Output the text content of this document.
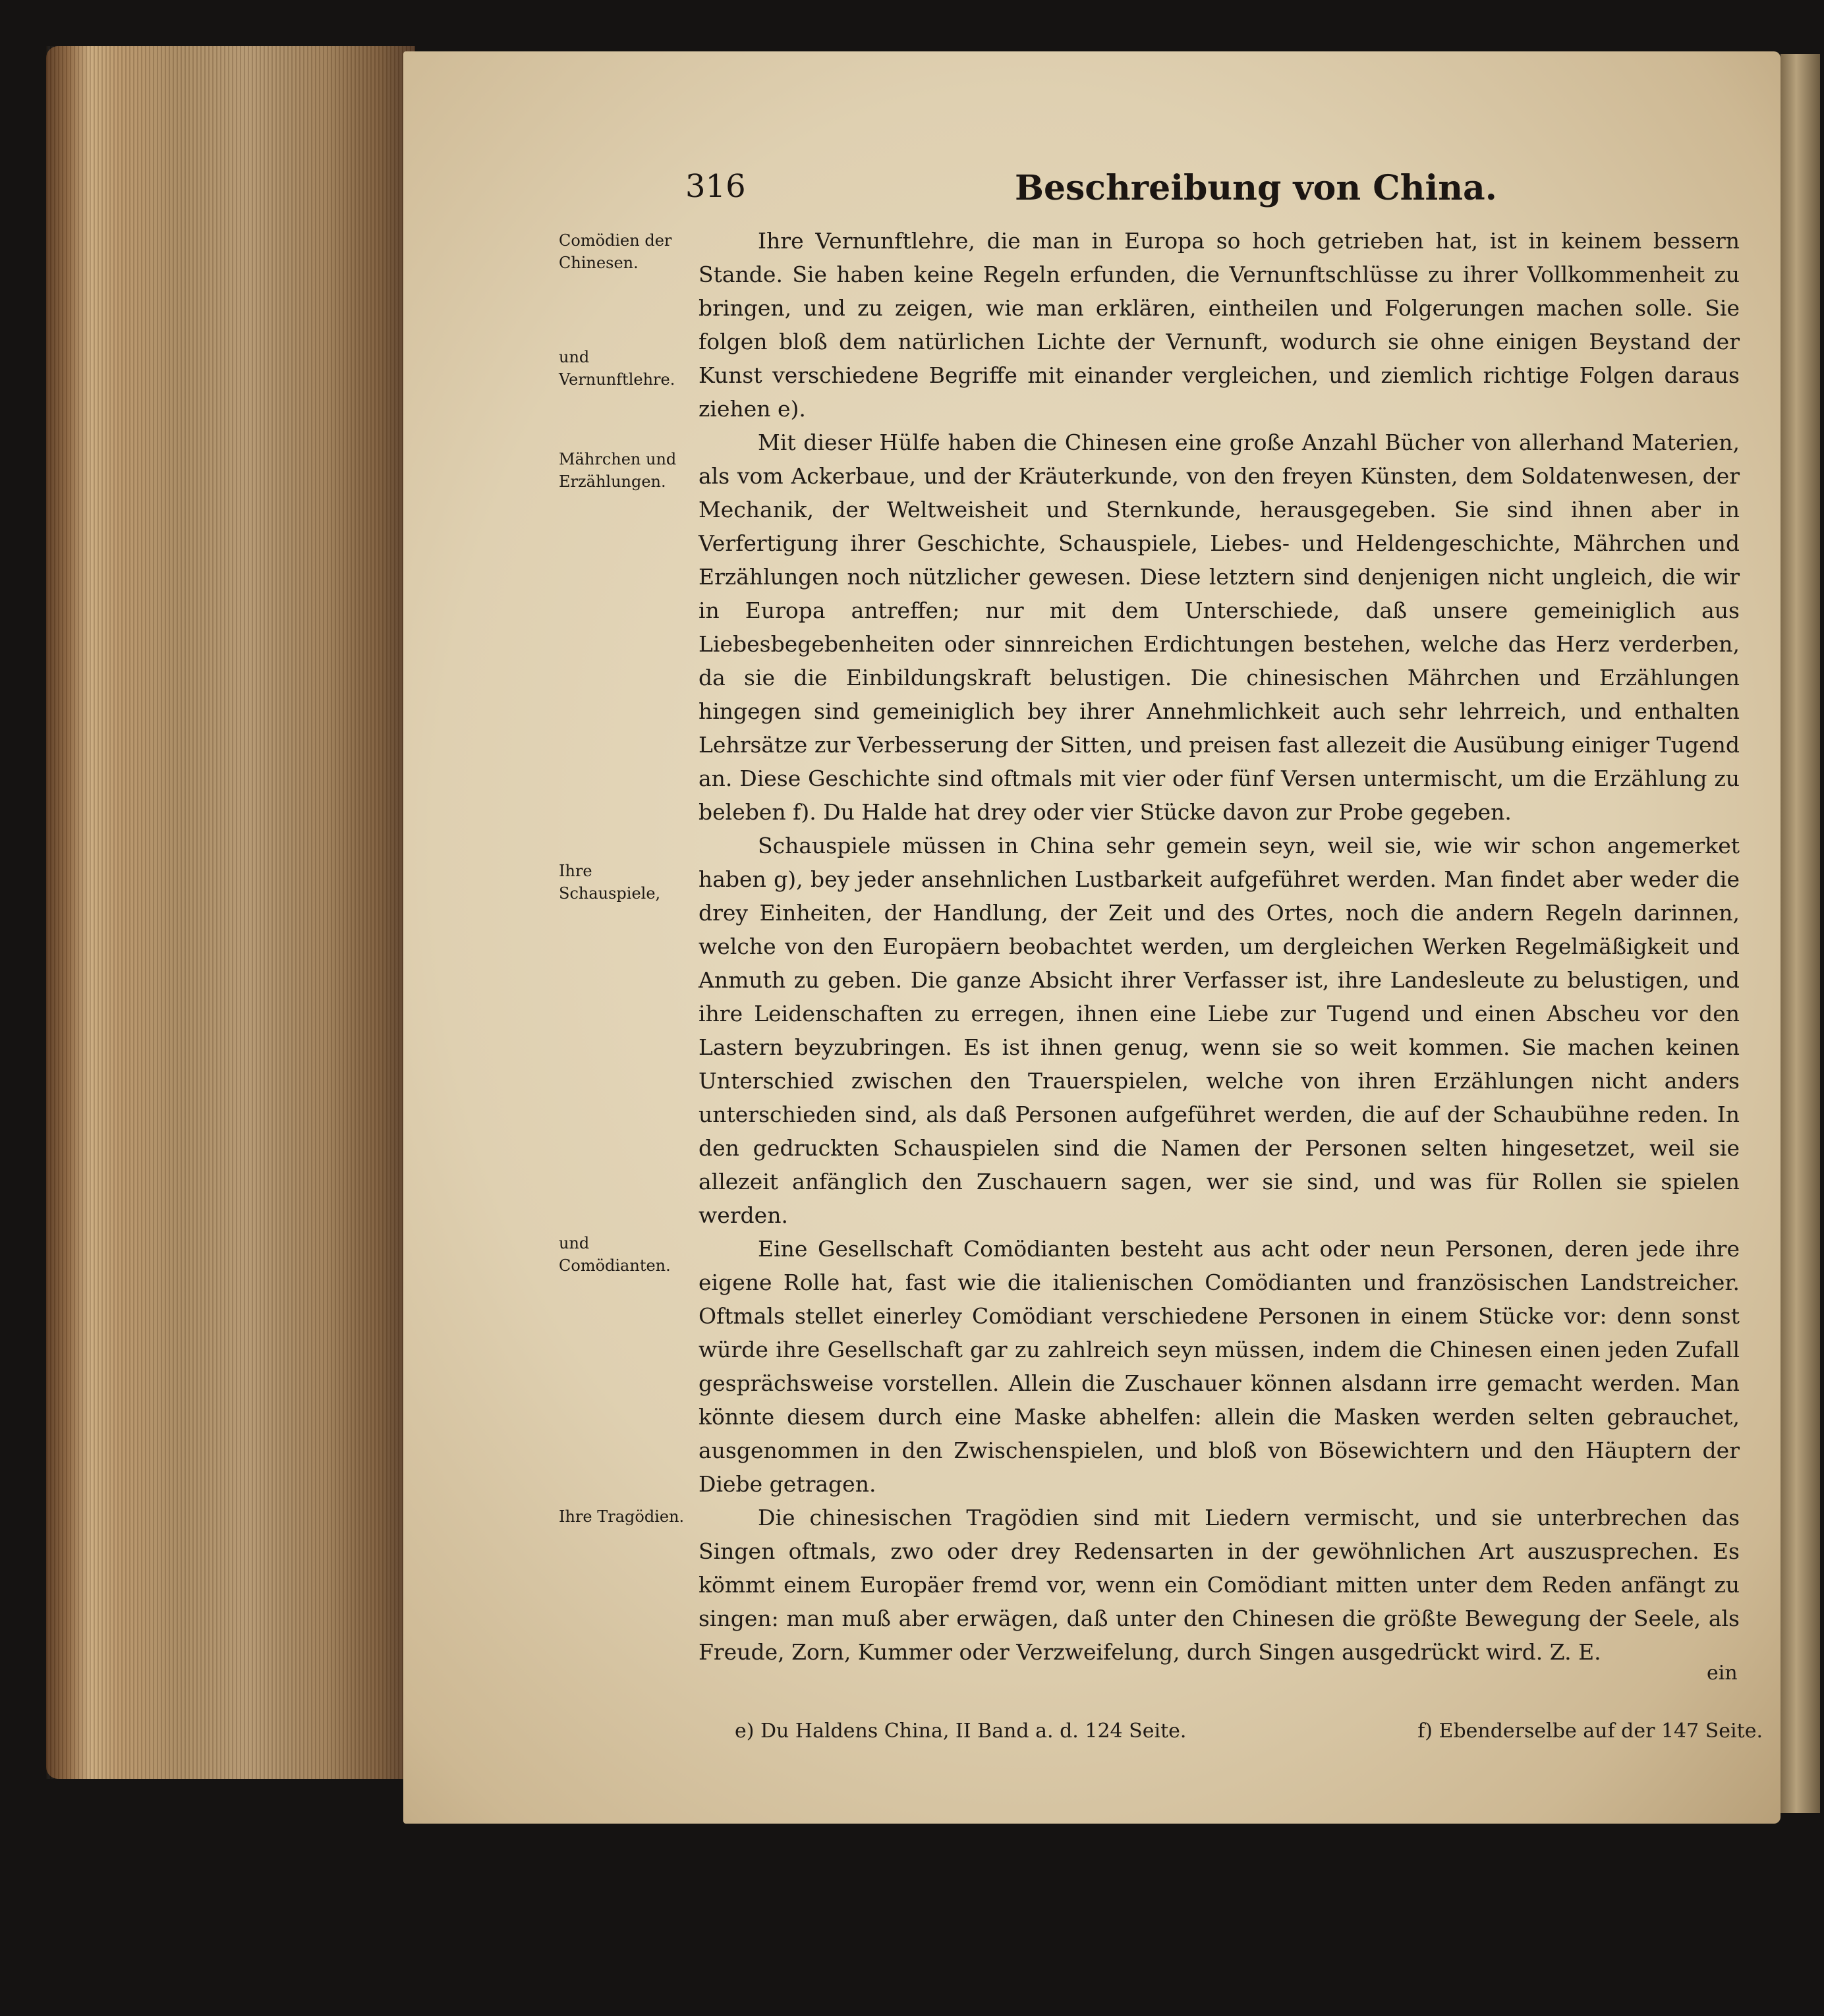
316	Beschreibung von China.
Comödien der Chinesen.
und Vernunftlehre.
Mährchen und Erzählungen.
Ihre Schauspiele,
und Comödianten.
Ihre Tragödien.

Ihre Vernunftlehre, die man in Europa so hoch getrieben hat, ist in keinem bessern Stande. Sie haben keine Regeln erfunden, die Vernunftschlüsse zu ihrer Vollkommenheit zu bringen, und zu zeigen, wie man erklären, eintheilen und Folgerungen machen solle. Sie folgen bloß dem natürlichen Lichte der Vernunft, wodurch sie ohne einigen Beystand der Kunst verschiedene Begriffe mit einander vergleichen, und ziemlich richtige Folgen daraus ziehen e).

Mit dieser Hülfe haben die Chinesen eine große Anzahl Bücher von allerhand Materien, als vom Ackerbaue, und der Kräuterkunde, von den freyen Künsten, dem Soldatenwesen, der Mechanik, der Weltweisheit und Sternkunde, herausgegeben. Sie sind ihnen aber in Verfertigung ihrer Geschichte, Schauspiele, Liebes- und Heldengeschichte, Mährchen und Erzählungen noch nützlicher gewesen. Diese letztern sind denjenigen nicht ungleich, die wir in Europa antreffen; nur mit dem Unterschiede, daß unsere gemeiniglich aus Liebesbegebenheiten oder sinnreichen Erdichtungen bestehen, welche das Herz verderben, da sie die Einbildungskraft belustigen. Die chinesischen Mährchen und Erzählungen hingegen sind gemeiniglich bey ihrer Annehmlichkeit auch sehr lehrreich, und enthalten Lehrsätze zur Verbesserung der Sitten, und preisen fast allezeit die Ausübung einiger Tugend an. Diese Geschichte sind oftmals mit vier oder fünf Versen untermischt, um die Erzählung zu beleben f). Du Halde hat drey oder vier Stücke davon zur Probe gegeben.

Schauspiele müssen in China sehr gemein seyn, weil sie, wie wir schon angemerket haben g), bey jeder ansehnlichen Lustbarkeit aufgeführet werden. Man findet aber weder die drey Einheiten, der Handlung, der Zeit und des Ortes, noch die andern Regeln darinnen, welche von den Europäern beobachtet werden, um dergleichen Werken Regelmäßigkeit und Anmuth zu geben. Die ganze Absicht ihrer Verfasser ist, ihre Landesleute zu belustigen, und ihre Leidenschaften zu erregen, ihnen eine Liebe zur Tugend und einen Abscheu vor den Lastern beyzubringen. Es ist ihnen genug, wenn sie so weit kommen. Sie machen keinen Unterschied zwischen den Trauerspielen, welche von ihren Erzählungen nicht anders unterschieden sind, als daß Personen aufgeführet werden, die auf der Schaubühne reden. In den gedruckten Schauspielen sind die Namen der Personen selten hingesetzet, weil sie allezeit anfänglich den Zuschauern sagen, wer sie sind, und was für Rollen sie spielen werden.

Eine Gesellschaft Comödianten besteht aus acht oder neun Personen, deren jede ihre eigene Rolle hat, fast wie die italienischen Comödianten und französischen Landstreicher. Oftmals stellet einerley Comödiant verschiedene Personen in einem Stücke vor: denn sonst würde ihre Gesellschaft gar zu zahlreich seyn müssen, indem die Chinesen einen jeden Zufall gesprächsweise vorstellen. Allein die Zuschauer können alsdann irre gemacht werden. Man könnte diesem durch eine Maske abhelfen: allein die Masken werden selten gebrauchet, ausgenommen in den Zwischenspielen, und bloß von Bösewichtern und den Häuptern der Diebe getragen.

Die chinesischen Tragödien sind mit Liedern vermischt, und sie unterbrechen das Singen oftmals, zwo oder drey Redensarten in der gewöhnlichen Art auszusprechen. Es kömmt einem Europäer fremd vor, wenn ein Comödiant mitten unter dem Reden anfängt zu singen: man muß aber erwägen, daß unter den Chinesen die größte Bewegung der Seele, als Freude, Zorn, Kummer oder Verzweifelung, durch Singen ausgedrückt wird. Z. E.

ein
e) Du Haldens China, II Band a. d. 124 Seite.	f) Ebenderselbe auf der 147 Seite.
